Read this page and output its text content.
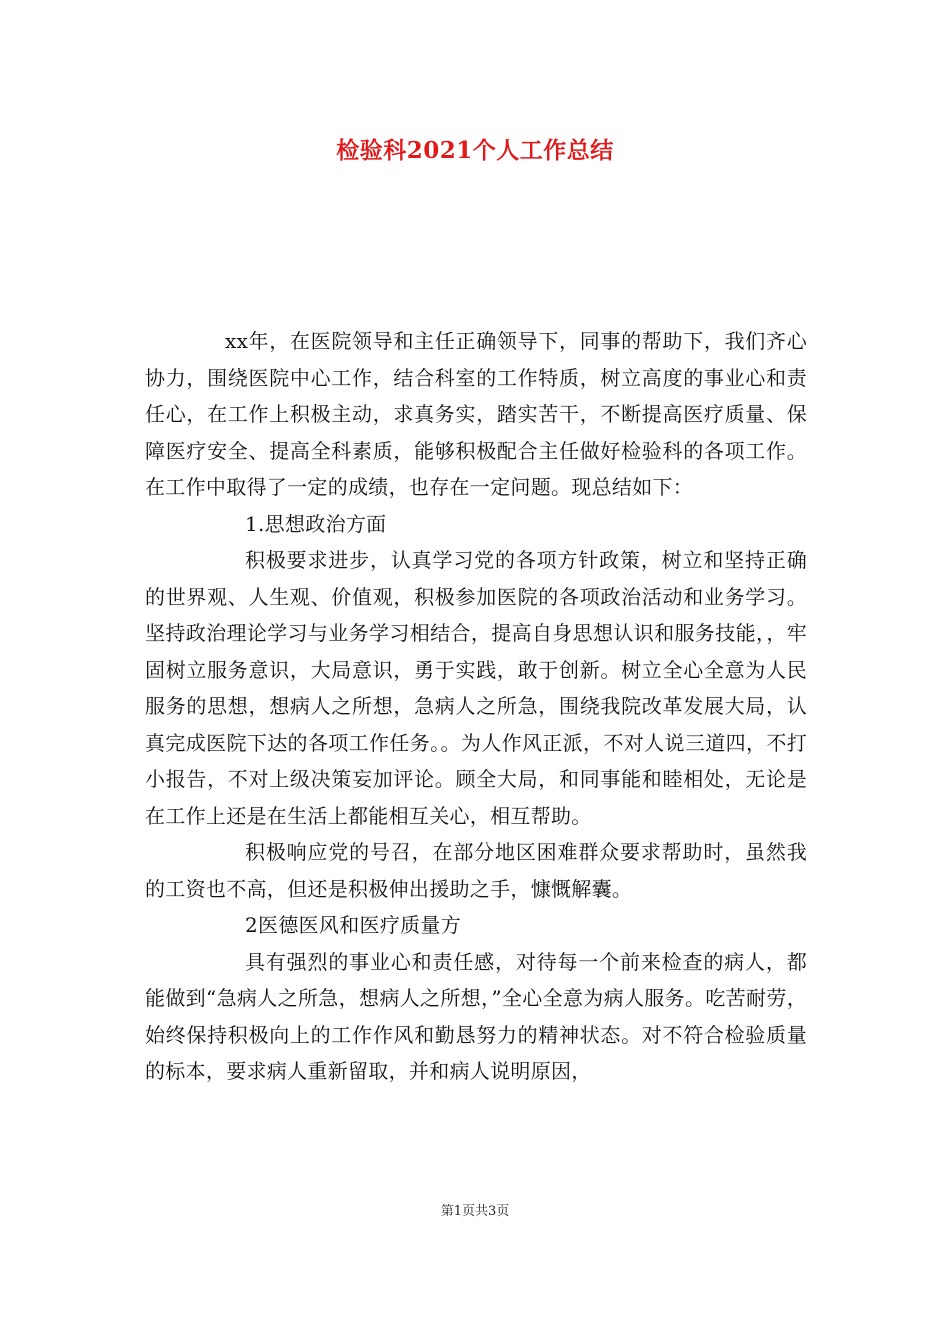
检验科2021个人工作总结

xx年，在医院领导和主任正确领导下，同事的帮助下，我们齐心协力，围绕医院中心工作，结合科室的工作特质，树立高度的事业心和责任心，在工作上积极主动，求真务实，踏实苦干，不断提高医疗质量、保障医疗安全、提高全科素质，能够积极配合主任做好检验科的各项工作。在工作中取得了一定的成绩，也存在一定问题。现总结如下：

1.思想政治方面

积极要求进步，认真学习党的各项方针政策，树立和坚持正确的世界观、人生观、价值观，积极参加医院的各项政治活动和业务学习。坚持政治理论学习与业务学习相结合，提高自身思想认识和服务技能，，牢固树立服务意识，大局意识，勇于实践，敢于创新。树立全心全意为人民服务的思想，想病人之所想，急病人之所急，围绕我院改革发展大局，认真完成医院下达的各项工作任务。。为人作风正派，不对人说三道四，不打小报告，不对上级决策妄加评论。顾全大局，和同事能和睦相处，无论是在工作上还是在生活上都能相互关心，相互帮助。

积极响应党的号召，在部分地区困难群众要求帮助时，虽然我的工资也不高，但还是积极伸出援助之手，慷慨解囊。

2医德医风和医疗质量方

具有强烈的事业心和责任感，对待每一个前来检查的病人，都能做到“急病人之所急，想病人之所想，”全心全意为病人服务。吃苦耐劳，始终保持积极向上的工作作风和勤恳努力的精神状态。对不符合检验质量的标本，要求病人重新留取，并和病人说明原因，

第1页共3页
